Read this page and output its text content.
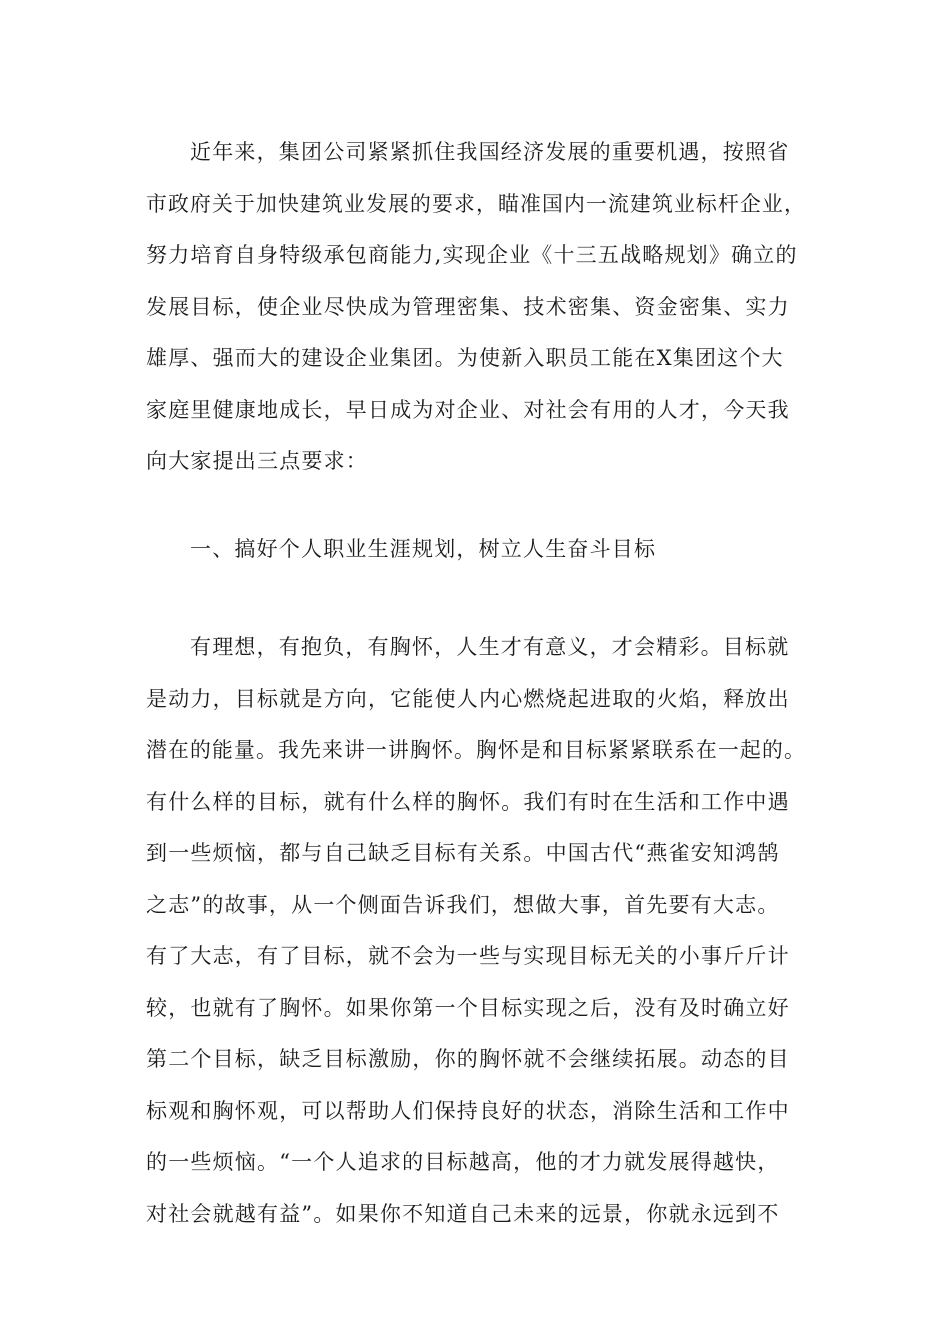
近年来，集团公司紧紧抓住我国经济发展的重要机遇，按照省
市政府关于加快建筑业发展的要求，瞄准国内一流建筑业标杆企业，
努力培育自身特级承包商能力,实现企业《十三五战略规划》确立的
发展目标，使企业尽快成为管理密集、技术密集、资金密集、实力
雄厚、强而大的建设企业集团。为使新入职员工能在X集团这个大
家庭里健康地成长，早日成为对企业、对社会有用的人才，今天我
向大家提出三点要求：
一、搞好个人职业生涯规划，树立人生奋斗目标
有理想，有抱负，有胸怀，人生才有意义，才会精彩。目标就
是动力，目标就是方向，它能使人内心燃烧起进取的火焰，释放出
潜在的能量。我先来讲一讲胸怀。胸怀是和目标紧紧联系在一起的。
有什么样的目标，就有什么样的胸怀。我们有时在生活和工作中遇
到一些烦恼，都与自己缺乏目标有关系。中国古代“燕雀安知鸿鹄
之志”的故事，从一个侧面告诉我们，想做大事，首先要有大志。
有了大志，有了目标，就不会为一些与实现目标无关的小事斤斤计
较，也就有了胸怀。如果你第一个目标实现之后，没有及时确立好
第二个目标，缺乏目标激励，你的胸怀就不会继续拓展。动态的目
标观和胸怀观，可以帮助人们保持良好的状态，消除生活和工作中
的一些烦恼。“一个人追求的目标越高，他的才力就发展得越快，
对社会就越有益”。如果你不知道自己未来的远景，你就永远到不
